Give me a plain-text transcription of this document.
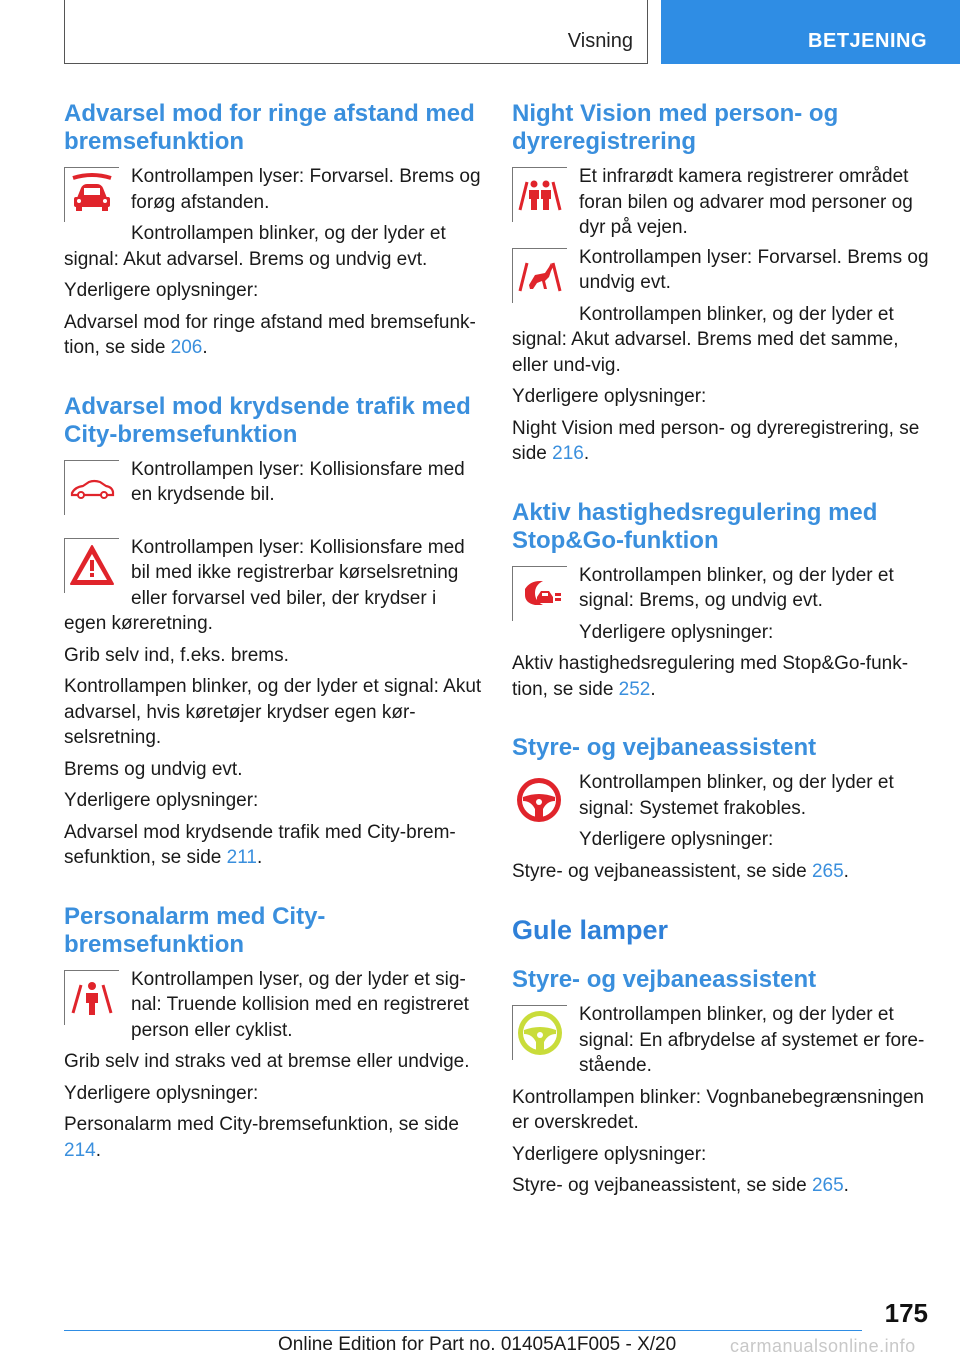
Visning	BETJENING
Advarsel mod for ringe afstand med bremsefunktion

Kontrollampen lyser: Forvarsel. Brems og forøg afstanden.

Kontrollampen blinker, og der lyder et signal: Akut advarsel. Brems og undvig evt.

Yderligere oplysninger:

Advarsel mod for ringe afstand med bremsefunk-tion, se side 206.

Advarsel mod krydsende trafik med City-bremsefunktion

Kontrollampen lyser: Kollisionsfare med en krydsende bil.

Kontrollampen lyser: Kollisionsfare med bil med ikke registrerbar kørselsretning eller forvarsel ved biler, der krydser i egen køreretning.

Grib selv ind, f.eks. brems.

Kontrollampen blinker, og der lyder et signal: Akut advarsel, hvis køretøjer krydser egen kør-selsretning.

Brems og undvig evt.

Yderligere oplysninger:

Advarsel mod krydsende trafik med City-brem-sefunktion, se side 211.

Personalarm med City-bremsefunktion

Kontrollampen lyser, og der lyder et sig-nal: Truende kollision med en registreret person eller cyklist.

Grib selv ind straks ved at bremse eller undvige.

Yderligere oplysninger:

Personalarm med City-bremsefunktion, se side 214.

Night Vision med person- og dyreregistrering

Et infrarødt kamera registrerer området foran bilen og advarer mod personer og dyr på vejen.

Kontrollampen lyser: Forvarsel. Brems og undvig evt.

Kontrollampen blinker, og der lyder et signal: Akut advarsel. Brems med det samme, eller und-vig.

Yderligere oplysninger:

Night Vision med person- og dyreregistrering, se side 216.

Aktiv hastighedsregulering med Stop&Go-funktion

Kontrollampen blinker, og der lyder et signal: Brems, og undvig evt.

Yderligere oplysninger:

Aktiv hastighedsregulering med Stop&Go-funk-tion, se side 252.

Styre- og vejbaneassistent

Kontrollampen blinker, og der lyder et signal: Systemet frakobles.

Yderligere oplysninger:

Styre- og vejbaneassistent, se side 265.

Gule lamper
Styre- og vejbaneassistent

Kontrollampen blinker, og der lyder et signal: En afbrydelse af systemet er fore-stående.

Kontrollampen blinker: Vognbanebegrænsningen er overskredet.

Yderligere oplysninger:

Styre- og vejbaneassistent, se side 265.

175
Online Edition for Part no. 01405A1F005 - X/20	carmanualsonline.info
